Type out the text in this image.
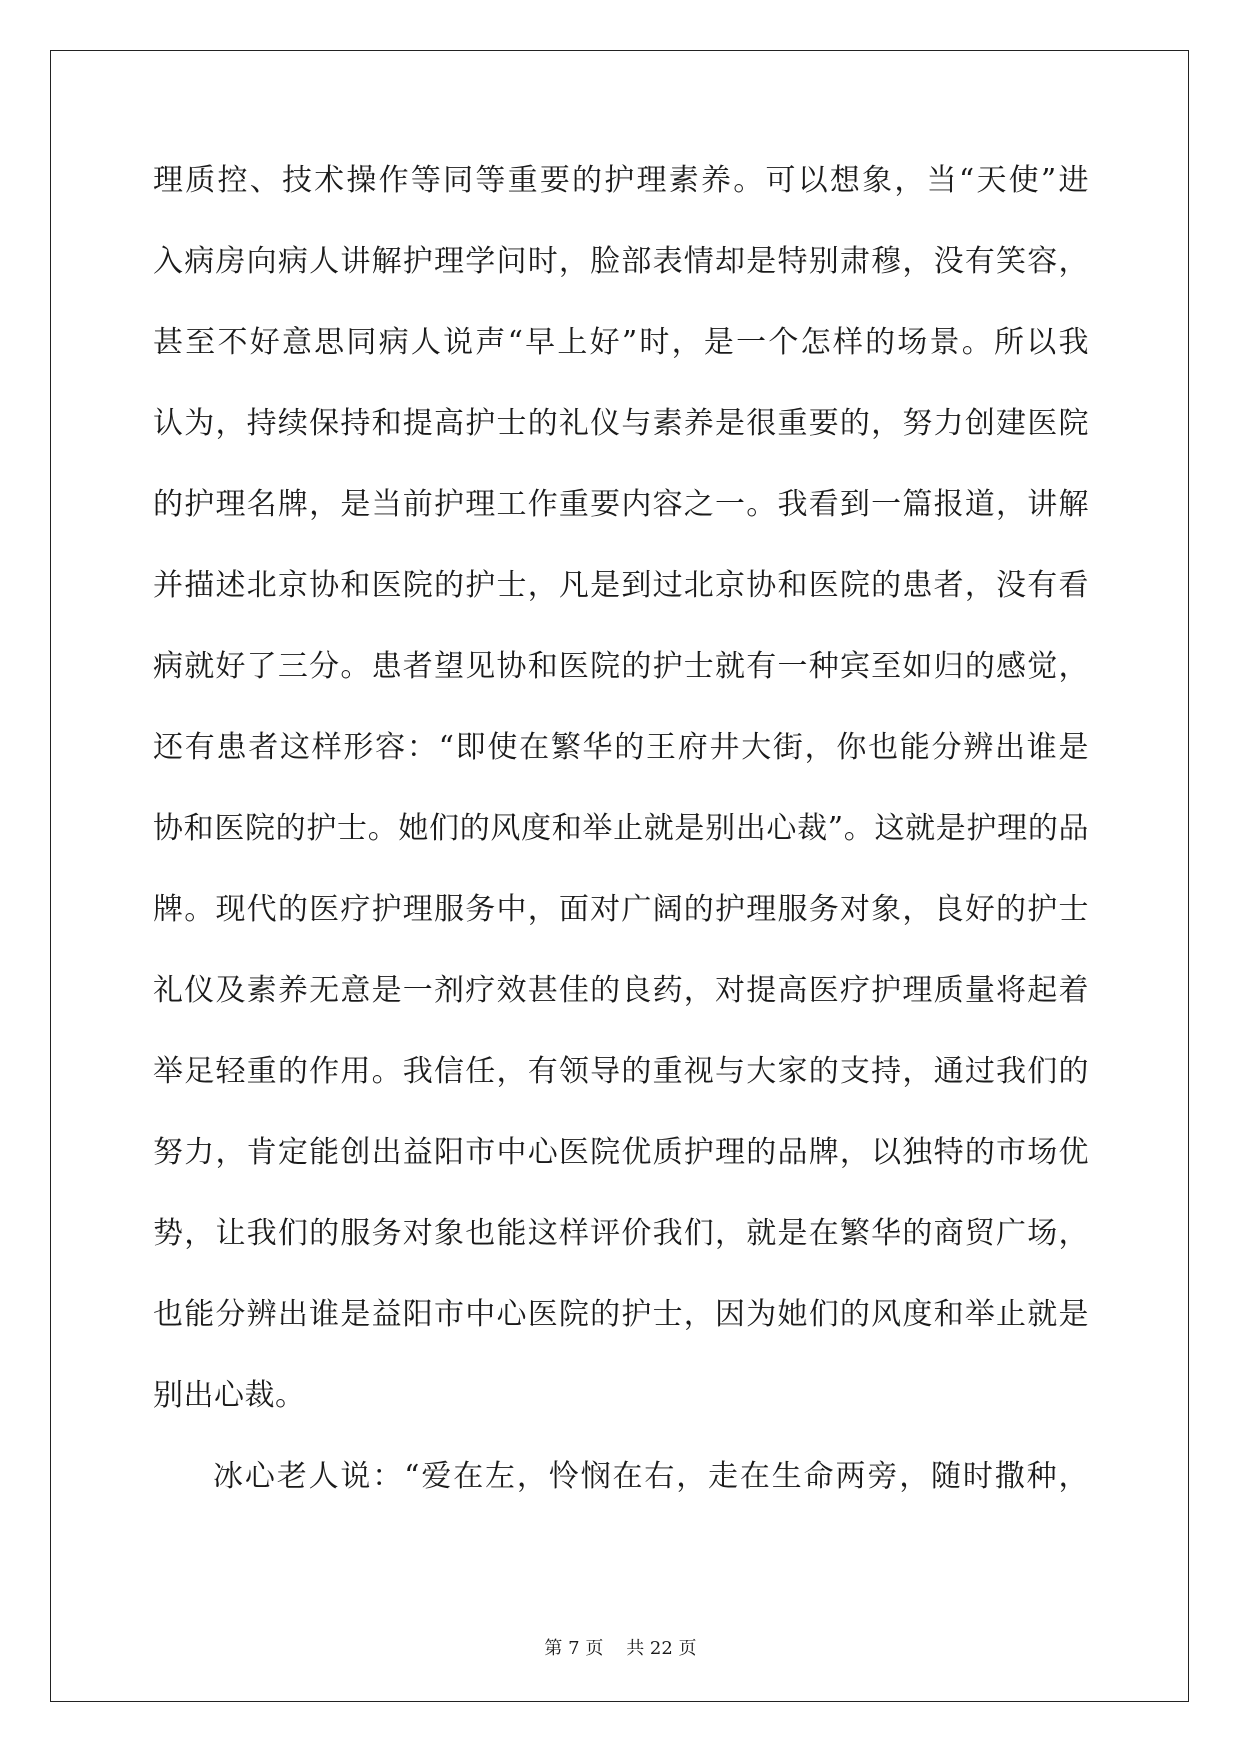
理质控、技术操作等同等重要的护理素养。可以想象，当“天使”进
入病房向病人讲解护理学问时，脸部表情却是特别肃穆，没有笑容，
甚至不好意思同病人说声“早上好”时，是一个怎样的场景。所以我
认为，持续保持和提高护士的礼仪与素养是很重要的，努力创建医院
的护理名牌，是当前护理工作重要内容之一。我看到一篇报道，讲解
并描述北京协和医院的护士，凡是到过北京协和医院的患者，没有看
病就好了三分。患者望见协和医院的护士就有一种宾至如归的感觉，
还有患者这样形容：“即使在繁华的王府井大街，你也能分辨出谁是
协和医院的护士。她们的风度和举止就是别出心裁”。这就是护理的品
牌。现代的医疗护理服务中，面对广阔的护理服务对象，良好的护士
礼仪及素养无意是一剂疗效甚佳的良药，对提高医疗护理质量将起着
举足轻重的作用。我信任，有领导的重视与大家的支持，通过我们的
努力，肯定能创出益阳市中心医院优质护理的品牌，以独特的市场优
势，让我们的服务对象也能这样评价我们，就是在繁华的商贸广场，
也能分辨出谁是益阳市中心医院的护士，因为她们的风度和举止就是
别出心裁。
冰心老人说：“爱在左，怜悯在右，走在生命两旁，随时撒种，
第 7 页    共 22 页
